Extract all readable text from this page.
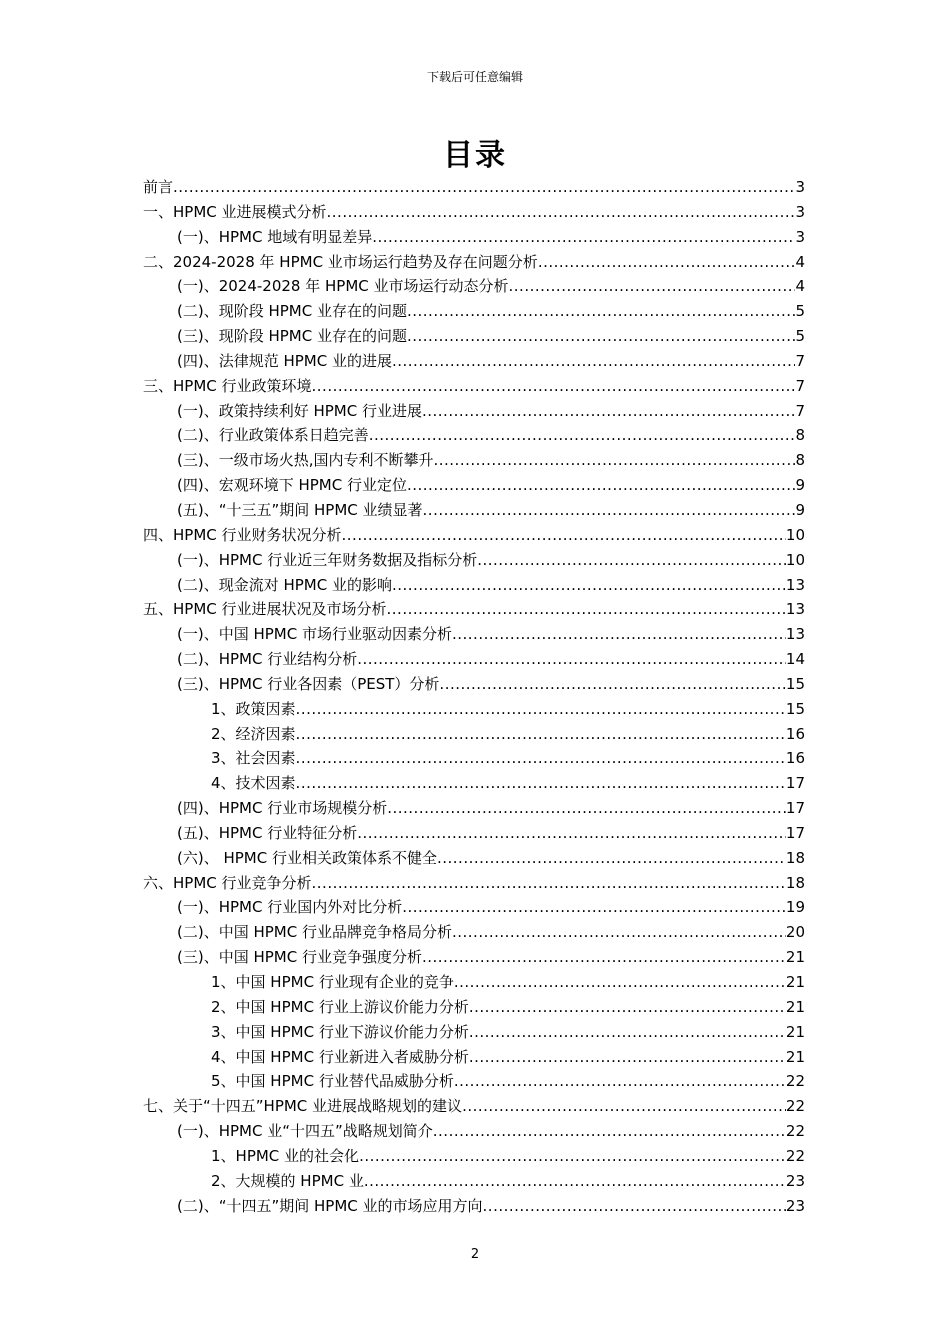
下载后可任意编辑
目录
前言 .....	3
一、HPMC 业进展模式分析 .....	3
(一)、HPMC 地域有明显差异 .....	3
二、2024-2028 年 HPMC 业市场运行趋势及存在问题分析 .....	4
(一)、2024-2028 年 HPMC 业市场运行动态分析 .....	4
(二)、现阶段 HPMC 业存在的问题 .....	5
(三)、现阶段 HPMC 业存在的问题 .....	5
(四)、法律规范 HPMC 业的进展 .....	7
三、HPMC 行业政策环境 .....	7
(一)、政策持续利好 HPMC 行业进展 .....	7
(二)、行业政策体系日趋完善 .....	8
(三)、一级市场火热,国内专利不断攀升 .....	8
(四)、宏观环境下 HPMC 行业定位 .....	9
(五)、“十三五”期间 HPMC 业绩显著 .....	9
四、HPMC 行业财务状况分析 .....	10
(一)、HPMC 行业近三年财务数据及指标分析 .....	10
(二)、现金流对 HPMC 业的影响 .....	13
五、HPMC 行业进展状况及市场分析 .....	13
(一)、中国 HPMC 市场行业驱动因素分析 .....	13
(二)、HPMC 行业结构分析 .....	14
(三)、HPMC 行业各因素（PEST）分析 .....	15
1、政策因素 .....	15
2、经济因素 .....	16
3、社会因素 .....	16
4、技术因素 .....	17
(四)、HPMC 行业市场规模分析 .....	17
(五)、HPMC 行业特征分析 .....	17
(六)、 HPMC 行业相关政策体系不健全 .....	18
六、HPMC 行业竞争分析 .....	18
(一)、HPMC 行业国内外对比分析 .....	19
(二)、中国 HPMC 行业品牌竞争格局分析 .....	20
(三)、中国 HPMC 行业竞争强度分析 .....	21
1、中国 HPMC 行业现有企业的竞争 .....	21
2、中国 HPMC 行业上游议价能力分析 .....	21
3、中国 HPMC 行业下游议价能力分析 .....	21
4、中国 HPMC 行业新进入者威胁分析 .....	21
5、中国 HPMC 行业替代品威胁分析 .....	22
七、关于“十四五”HPMC 业进展战略规划的建议 .....	22
(一)、HPMC 业“十四五”战略规划简介 .....	22
1、HPMC 业的社会化 .....	22
2、大规模的 HPMC 业 .....	23
(二)、“十四五”期间 HPMC 业的市场应用方向 .....	23
2
